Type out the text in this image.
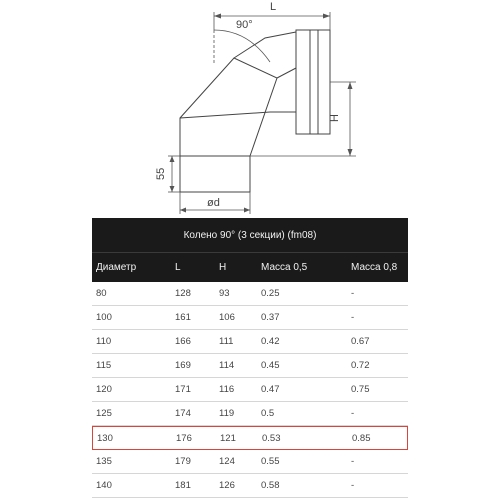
L
90°
H
55
ød
Колено 90° (3 секции) (fm08)
Диаметр	L	H	Масса 0,5	Масса 0,8
80	128	93	0.25	-
100	161	106	0.37	-
110	166	111	0.42	0.67
115	169	114	0.45	0.72
120	171	116	0.47	0.75
125	174	119	0.5	-
130	176	121	0.53	0.85
135	179	124	0.55	-
140	181	126	0.58	-
